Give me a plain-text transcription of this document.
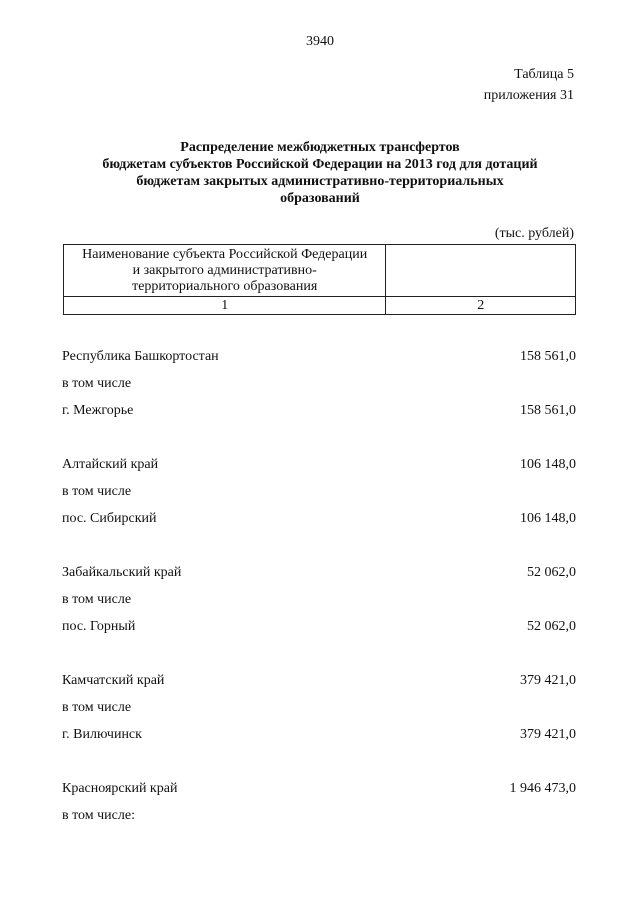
3940
Таблица 5
приложения 31
Распределение межбюджетных трансфертов
бюджетам субъектов Российской Федерации на 2013 год для дотаций
бюджетам закрытых административно-территориальных
образований
(тыс. рублей)
Наименование субъекта Российской Федерации
и закрытого административно-
территориального образования	

1	2
Республика Башкортостан	158 561,0
в том числе
г. Межгорье	158 561,0
Алтайский край	106 148,0
в том числе
пос. Сибирский	106 148,0
Забайкальский край	52 062,0
в том числе
пос. Горный	52 062,0
Камчатский край	379 421,0
в том числе
г. Вилючинск	379 421,0
Красноярский край	1 946 473,0
в том числе:
